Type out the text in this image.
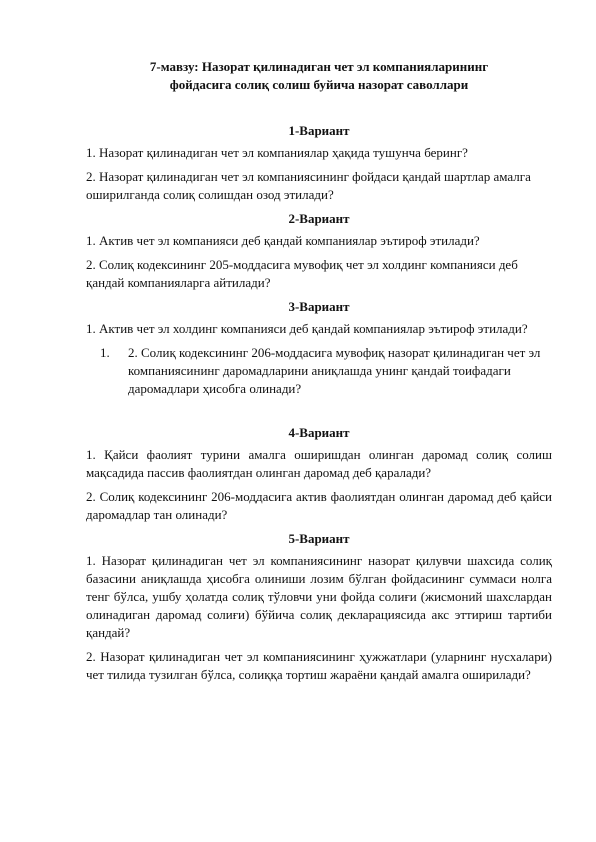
7-мавзу: Назорат қилинадиган чет эл компанияларининг
фойдасига солиқ солиш буйича назорат саволлари
1-Вариант

1. Назорат қилинадиган чет эл компаниялар ҳақида тушунча беринг?

2. Назорат қилинадиган чет эл компаниясининг фойдаси қандай шартлар амалга оширилганда солиқ солишдан озод этилади?

2-Вариант

1. Актив чет эл компанияси деб қандай компаниялар эътироф этилади?

2. Солиқ кодексининг 205-моддасига мувофиқ чет эл холдинг компанияси деб қандай компанияларга айтилади?

3-Вариант

1. Актив чет эл холдинг компанияси деб қандай компаниялар эътироф этилади?

1.	2. Солиқ кодексининг 206-моддасига мувофиқ назорат қилинадиган чет эл компаниясининг даромадларини аниқлашда унинг қандай тоифадаги даромадлари ҳисобга олинади?
4-Вариант

1. Қайси фаолият турини амалга оширишдан олинган даромад солиқ солиш мақсадида пассив фаолиятдан олинган даромад деб қаралади?

2. Солиқ кодексининг 206-моддасига актив фаолиятдан олинган даромад деб қайси даромадлар тан олинади?

5-Вариант

1. Назорат қилинадиган чет эл компаниясининг назорат қилувчи шахсида солиқ базасини аниқлашда ҳисобга олиниши лозим бўлган фойдасининг суммаси нолга тенг бўлса, ушбу ҳолатда солиқ тўловчи уни фойда солиғи (жисмоний шахслардан олинадиган даромад солиғи) бўйича солиқ декларациясида акс эттириш тартиби қандай?

2. Назорат қилинадиган чет эл компаниясининг ҳужжатлари (уларнинг нусхалари) чет тилида тузилган бўлса, солиққа тортиш жараёни қандай амалга оширилади?
